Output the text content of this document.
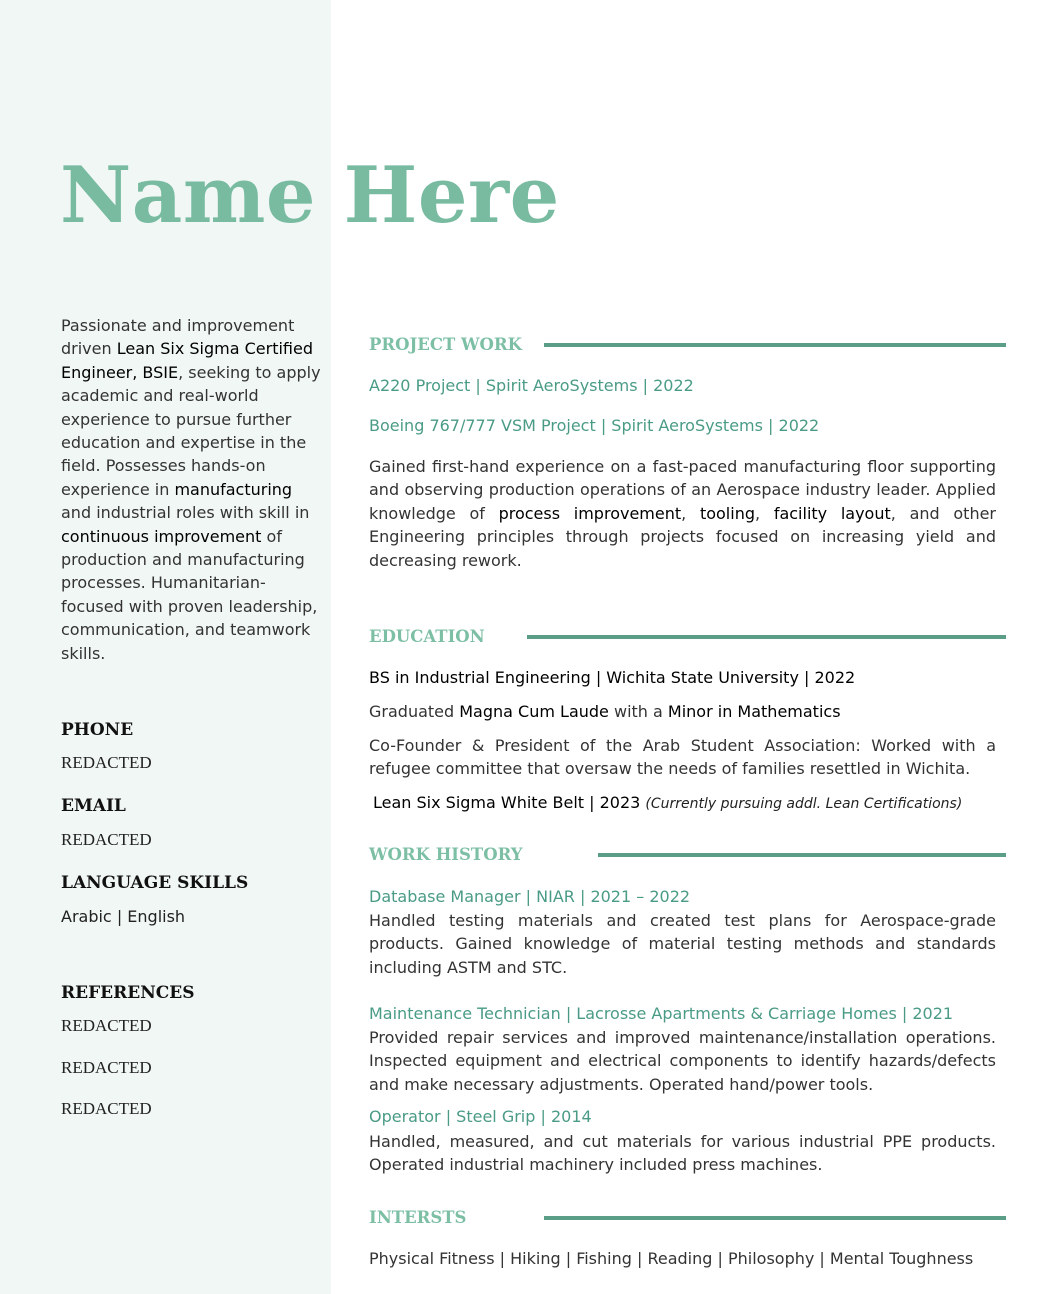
Name Here

Passionate and improvement driven Lean Six Sigma Certified Engineer, BSIE, seeking to apply academic and real-world experience to pursue further education and expertise in the field. Possesses hands-on experience in manufacturing and industrial roles with skill in continuous improvement of production and manufacturing processes. Humanitarian-focused with proven leadership, communication, and teamwork skills.

PHONE

REDACTED

EMAIL

REDACTED

LANGUAGE SKILLS

Arabic | English

REFERENCES

REDACTED

REDACTED

REDACTED

PROJECT WORK

A220 Project | Spirit AeroSystems | 2022

Boeing 767/777 VSM Project | Spirit AeroSystems | 2022

Gained first-hand experience on a fast-paced manufacturing floor supporting and observing production operations of an Aerospace industry leader. Applied knowledge of process improvement, tooling, facility layout, and other Engineering principles through projects focused on increasing yield and decreasing rework.

EDUCATION

BS in Industrial Engineering | Wichita State University | 2022

Graduated Magna Cum Laude with a Minor in Mathematics

Co-Founder & President of the Arab Student Association: Worked with a refugee committee that oversaw the needs of families resettled in Wichita.

Lean Six Sigma White Belt | 2023 (Currently pursuing addl. Lean Certifications)

WORK HISTORY

Database Manager | NIAR | 2021 – 2022

Handled testing materials and created test plans for Aerospace-grade products. Gained knowledge of material testing methods and standards including ASTM and STC.

Maintenance Technician | Lacrosse Apartments & Carriage Homes | 2021

Provided repair services and improved maintenance/installation operations. Inspected equipment and electrical components to identify hazards/defects and make necessary adjustments. Operated hand/power tools.

Operator | Steel Grip | 2014

Handled, measured, and cut materials for various industrial PPE products. Operated industrial machinery included press machines.

INTERSTS

Physical Fitness | Hiking | Fishing | Reading | Philosophy | Mental Toughness
